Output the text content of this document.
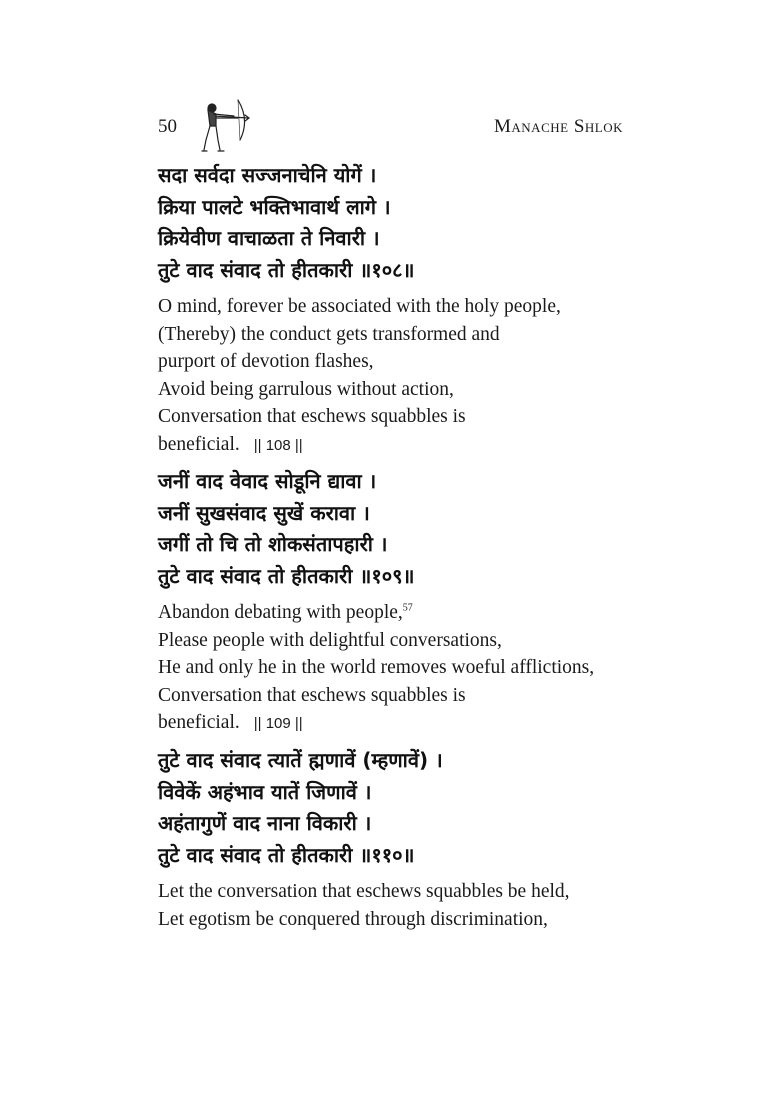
50	Manache Shlok
सदा सर्वदा सज्जनाचेनि योगें ।
क्रिया पालटे भक्तिभावार्थ लागे ।
क्रियेवीण वाचाळता ते निवारी ।
तुटे वाद संवाद तो हीतकारी ॥१०८॥
O mind, forever be associated with the holy people,
(Thereby) the conduct gets transformed and
purport of devotion flashes,
Avoid being garrulous without action,
Conversation that eschews squabbles is
beneficial. || 108 ||
जनीं वाद वेवाद सोडूनि द्यावा ।
जनीं सुखसंवाद सुखें करावा ।
जगीं तो चि तो शोकसंतापहारी ।
तुटे वाद संवाद तो हीतकारी ॥१०९॥
Abandon debating with people,$^{57}$
Please people with delightful conversations,
He and only he in the world removes woeful afflictions,
Conversation that eschews squabbles is
beneficial. || 109 ||
तुटे वाद संवाद त्यातें ह्मणावें (म्हणावें) ।
विवेकें अहंभाव यातें जिणावें ।
अहंतागुणें वाद नाना विकारी ।
तुटे वाद संवाद तो हीतकारी ॥११०॥
Let the conversation that eschews squabbles be held,
Let egotism be conquered through discrimination,
